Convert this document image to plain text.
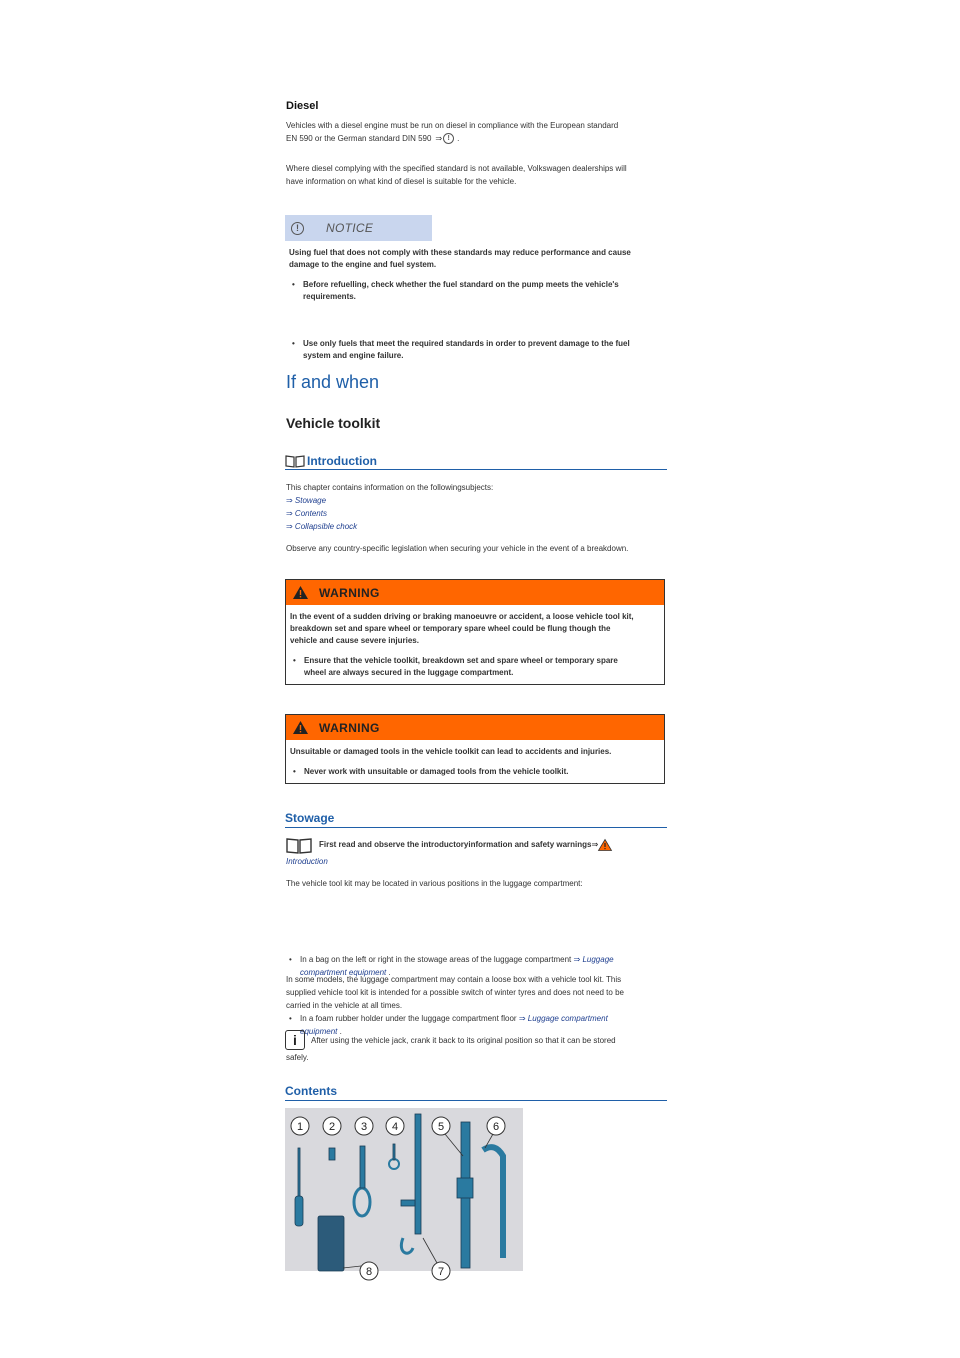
Diesel
Vehicles with a diesel engine must be run on diesel in compliance with the European standard
EN 590 or the German standard DIN 590 ⇒ ! .
Where diesel complying with the specified standard is not available, Volkswagen dealerships will
have information on what kind of diesel is suitable for the vehicle.
!	NOTICE
Using fuel that does not comply with these standards may reduce performance and cause
damage to the engine and fuel system.
• Before refuelling, check whether the fuel standard on the pump meets the vehicle's
requirements.
• Use only fuels that meet the required standards in order to prevent damage to the fuel
system and engine failure.
If and when
Vehicle toolkit
Introduction
This chapter contains information on the followingsubjects:
⇒ Stowage
⇒ Contents
⇒ Collapsible chock
Observe any country-specific legislation when securing your vehicle in the event of a breakdown.
WARNING
In the event of a sudden driving or braking manoeuvre or accident, a loose vehicle tool kit,
breakdown set and spare wheel or temporary spare wheel could be flung though the
vehicle and cause severe injuries.
• Ensure that the vehicle toolkit, breakdown set and spare wheel or temporary spare
wheel are always secured in the luggage compartment.
WARNING
Unsuitable or damaged tools in the vehicle toolkit can lead to accidents and injuries.
• Never work with unsuitable or damaged tools from the vehicle toolkit.
Stowage
First read and observe the introductoryinformation and safety warnings ⇒
Introduction
The vehicle tool kit may be located in various positions in the luggage compartment:
• In a bag on the left or right in the stowage areas of the luggage compartment ⇒ Luggage
compartment equipment .
• In a foam rubber holder under the luggage compartment floor ⇒ Luggage compartment
equipment .
In some models, the luggage compartment may contain a loose box with a vehicle tool kit. This
supplied vehicle tool kit is intended for a possible switch of winter tyres and does not need to be
carried in the vehicle at all times.
i	After using the vehicle jack, crank it back to its original position so that it can be stored
safely.
Contents
1 2 3 4	5	6
7
8
